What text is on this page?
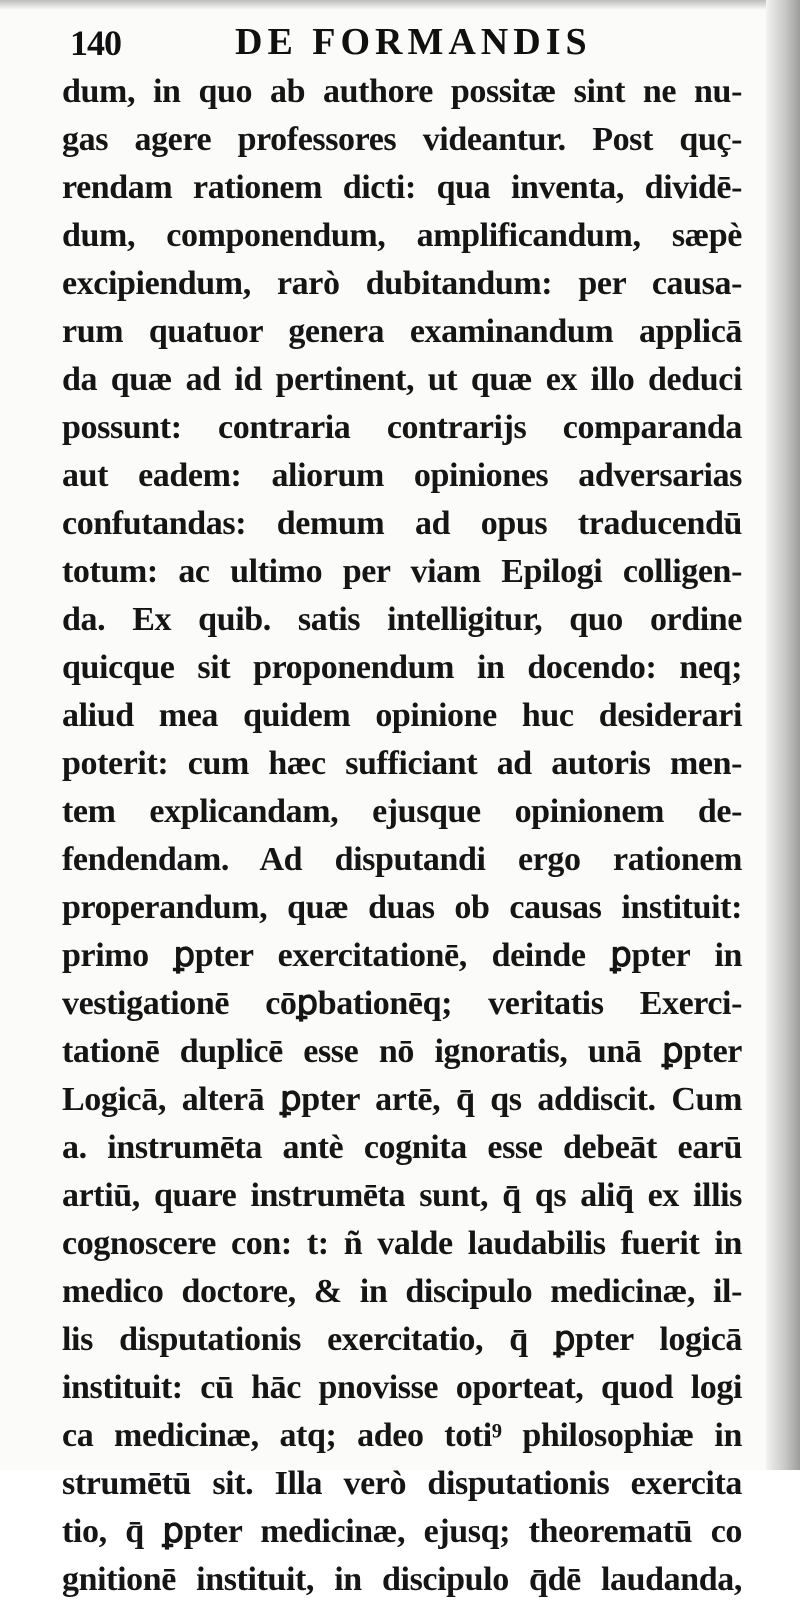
140	DE FORMANDIS
dum, in quo ab authore possitæ sint ne nu-
gas agere professores videantur. Post quç-
rendam rationem dicti: qua inventa, dividē-
dum, componendum, amplificandum, sæpè
excipiendum, rarò dubitandum: per causa-
rum quatuor genera examinandum applicā
da quæ ad id pertinent, ut quæ ex illo deduci
possunt: contraria contrarijs comparanda
aut eadem: aliorum opiniones adversarias
confutandas: demum ad opus traducendū
totum: ac ultimo per viam Epilogi colligen-
da. Ex quib. satis intelligitur, quo ordine
quicque sit proponendum in docendo: neq;
aliud mea quidem opinione huc desiderari
poterit: cum hæc sufficiant ad autoris men-
tem explicandam, ejusque opinionem de-
fendendam. Ad disputandi ergo rationem
properandum, quæ duas ob causas instituit:
primo ꝑpter exercitationē, deinde ꝑpter in
vestigationē cōꝑbationēq; veritatis Exerci-
tationē duplicē esse nō ignoratis, unā ꝑpter
Logicā, alterā ꝑpter artē, q̄ qs addiscit. Cum
a. instrumēta antè cognita esse debeāt earū
artiū, quare instrumēta sunt, q̄ qs aliq̄ ex illis
cognoscere con: t: ñ valde laudabilis fuerit in
medico doctore, & in discipulo medicinæ, il-
lis disputationis exercitatio, q̄ ꝑpter logicā
instituit: cū hāc pnovisse oporteat, quod logi
ca medicinæ, atq; adeo toti⁹ philosophiæ in
strumētū sit. Illa verò disputationis exercita
tio, q̄ ꝑpter medicinæ, ejusq; theorematū co
gnitionē instituit, in discipulo q̄dē laudanda,
